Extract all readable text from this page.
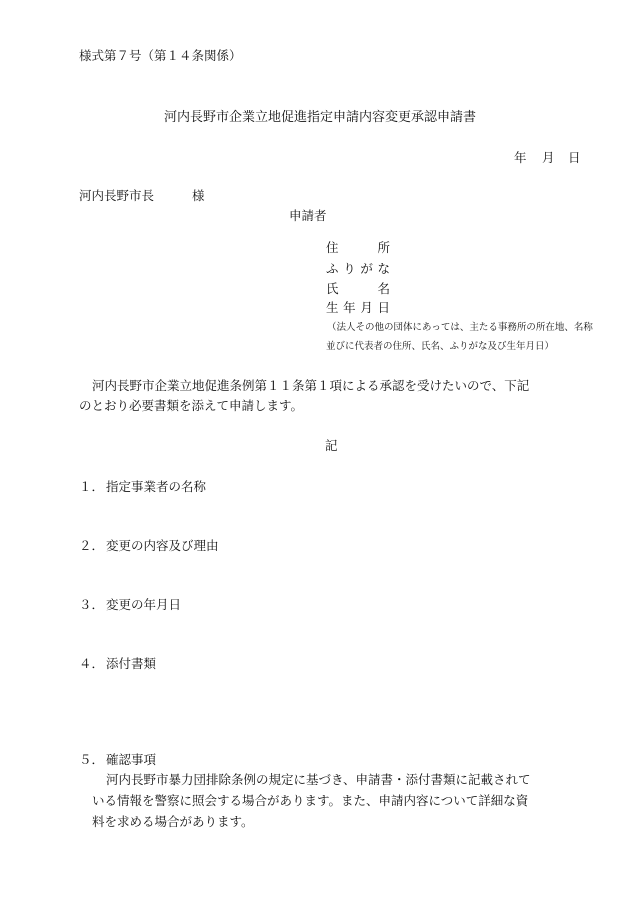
様式第７号（第１４条関係）
河内長野市企業立地促進指定申請内容変更承認申請書
年 月 日
河内長野市長	様
申請者
住	所
ふ り が な
氏	名
生 年 月 日
（法人その他の団体にあっては、主たる事務所の所在地、名称
並びに代表者の住所、氏名、ふりがな及び生年月日）
河内長野市企業立地促進条例第１１条第１項による承認を受けたいので、下記
のとおり必要書類を添えて申請します。
記
１． 指定事業者の名称
２． 変更の内容及び理由
３． 変更の年月日
４． 添付書類
５． 確認事項
河内長野市暴力団排除条例の規定に基づき、申請書・添付書類に記載されて
いる情報を警察に照会する場合があります。また、申請内容について詳細な資
料を求める場合があります。
